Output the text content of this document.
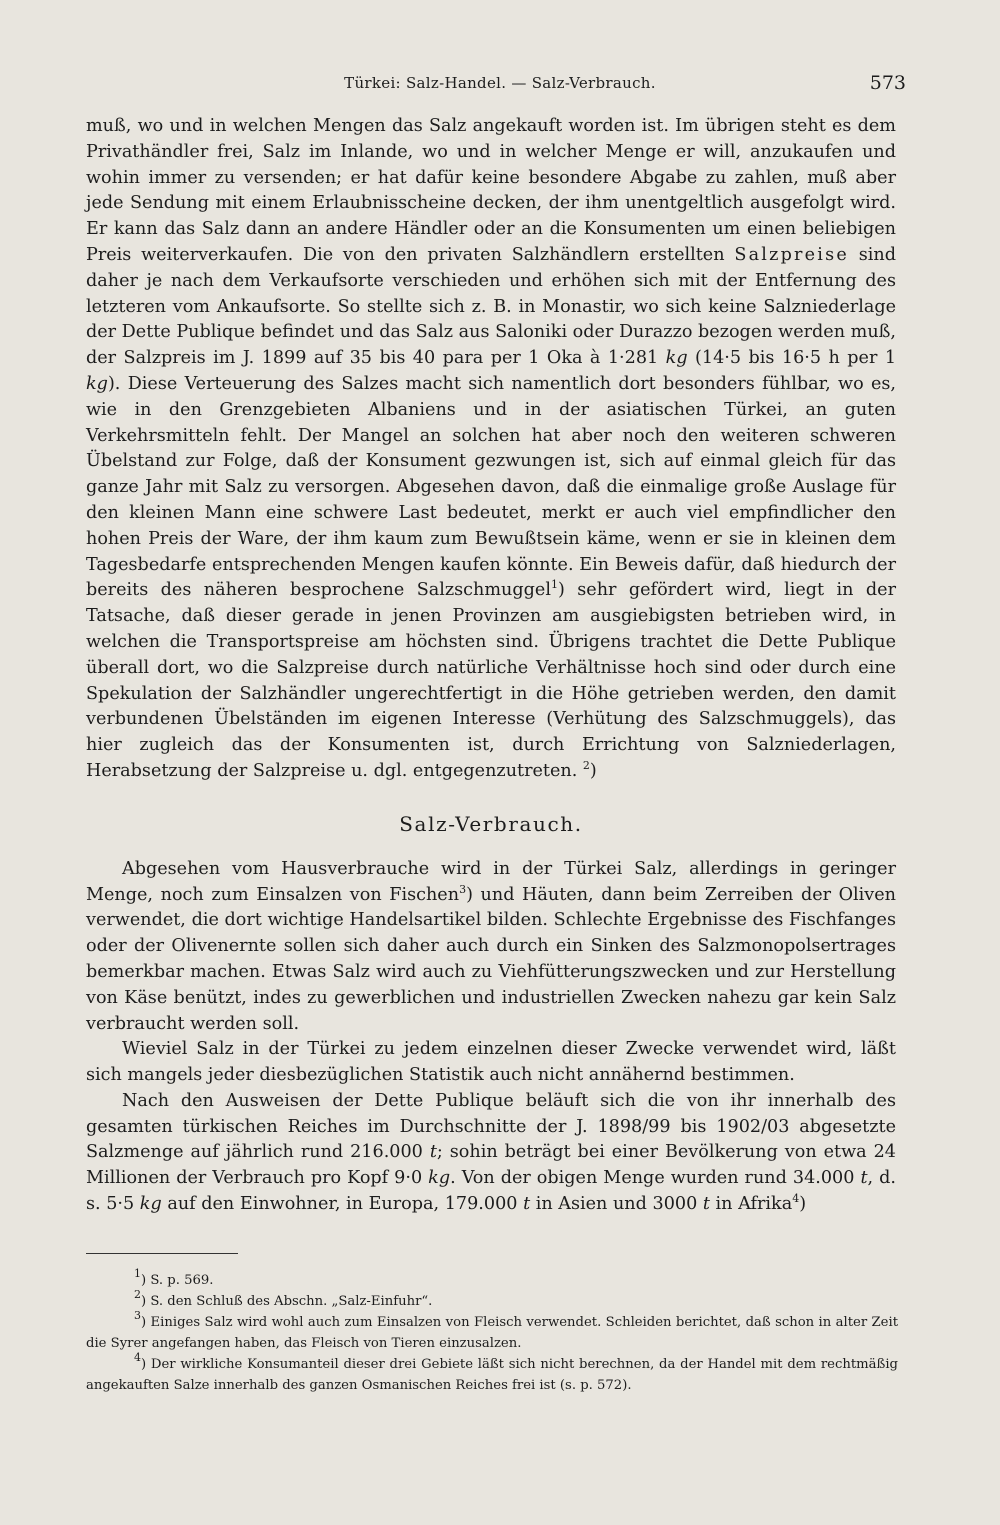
Türkei: Salz-Handel. — Salz-Verbrauch.	573

muß, wo und in welchen Mengen das Salz angekauft worden ist. Im übrigen steht es dem Privathändler frei, Salz im Inlande, wo und in welcher Menge er will, anzukaufen und wohin immer zu versenden; er hat dafür keine besondere Abgabe zu zahlen, muß aber jede Sendung mit einem Erlaubnisscheine decken, der ihm unentgeltlich ausgefolgt wird. Er kann das Salz dann an andere Händler oder an die Konsumenten um einen beliebigen Preis weiterverkaufen. Die von den privaten Salzhändlern erstellten Salzpreise sind daher je nach dem Verkaufsorte verschieden und erhöhen sich mit der Entfernung des letzteren vom Ankaufsorte. So stellte sich z. B. in Monastir, wo sich keine Salzniederlage der Dette Publique befindet und das Salz aus Saloniki oder Durazzo bezogen werden muß, der Salzpreis im J. 1899 auf 35 bis 40 para per 1 Oka à 1·281 kg (14·5 bis 16·5 h per 1 kg). Diese Verteuerung des Salzes macht sich namentlich dort besonders fühlbar, wo es, wie in den Grenzgebieten Albaniens und in der asiatischen Türkei, an guten Verkehrsmitteln fehlt. Der Mangel an solchen hat aber noch den weiteren schweren Übelstand zur Folge, daß der Konsument gezwungen ist, sich auf einmal gleich für das ganze Jahr mit Salz zu versorgen. Abgesehen davon, daß die einmalige große Auslage für den kleinen Mann eine schwere Last bedeutet, merkt er auch viel empfindlicher den hohen Preis der Ware, der ihm kaum zum Bewußtsein käme, wenn er sie in kleinen dem Tagesbedarfe entsprechenden Mengen kaufen könnte. Ein Beweis dafür, daß hiedurch der bereits des näheren besprochene Salzschmuggel$^1$) sehr gefördert wird, liegt in der Tatsache, daß dieser gerade in jenen Provinzen am ausgiebigsten betrieben wird, in welchen die Transportspreise am höchsten sind. Übrigens trachtet die Dette Publique überall dort, wo die Salzpreise durch natürliche Verhältnisse hoch sind oder durch eine Spekulation der Salzhändler ungerechtfertigt in die Höhe getrieben werden, den damit verbundenen Übelständen im eigenen Interesse (Verhütung des Salzschmuggels), das hier zugleich das der Konsumenten ist, durch Errichtung von Salzniederlagen, Herabsetzung der Salzpreise u. dgl. entgegenzutreten. $^2$)

Salz-Verbrauch.

Abgesehen vom Hausverbrauche wird in der Türkei Salz, allerdings in geringer Menge, noch zum Einsalzen von Fischen$^3$) und Häuten, dann beim Zerreiben der Oliven verwendet, die dort wichtige Handelsartikel bilden. Schlechte Ergebnisse des Fischfanges oder der Olivenernte sollen sich daher auch durch ein Sinken des Salzmonopolsertrages bemerkbar machen. Etwas Salz wird auch zu Viehfütterungszwecken und zur Herstellung von Käse benützt, indes zu gewerblichen und industriellen Zwecken nahezu gar kein Salz verbraucht werden soll.

Wieviel Salz in der Türkei zu jedem einzelnen dieser Zwecke verwendet wird, läßt sich mangels jeder diesbezüglichen Statistik auch nicht annähernd bestimmen.

Nach den Ausweisen der Dette Publique beläuft sich die von ihr innerhalb des gesamten türkischen Reiches im Durchschnitte der J. 1898/99 bis 1902/03 abgesetzte Salzmenge auf jährlich rund 216.000 t; sohin beträgt bei einer Bevölkerung von etwa 24 Millionen der Verbrauch pro Kopf 9·0 kg. Von der obigen Menge wurden rund 34.000 t, d. s. 5·5 kg auf den Einwohner, in Europa, 179.000 t in Asien und 3000 t in Afrika$^4$)

$^1$) S. p. 569.

$^2$) S. den Schluß des Abschn. „Salz-Einfuhr“.

$^3$) Einiges Salz wird wohl auch zum Einsalzen von Fleisch verwendet. Schleiden berichtet, daß schon in alter Zeit die Syrer angefangen haben, das Fleisch von Tieren einzusalzen.

$^4$) Der wirkliche Konsumanteil dieser drei Gebiete läßt sich nicht berechnen, da der Handel mit dem rechtmäßig angekauften Salze innerhalb des ganzen Osmanischen Reiches frei ist (s. p. 572).
